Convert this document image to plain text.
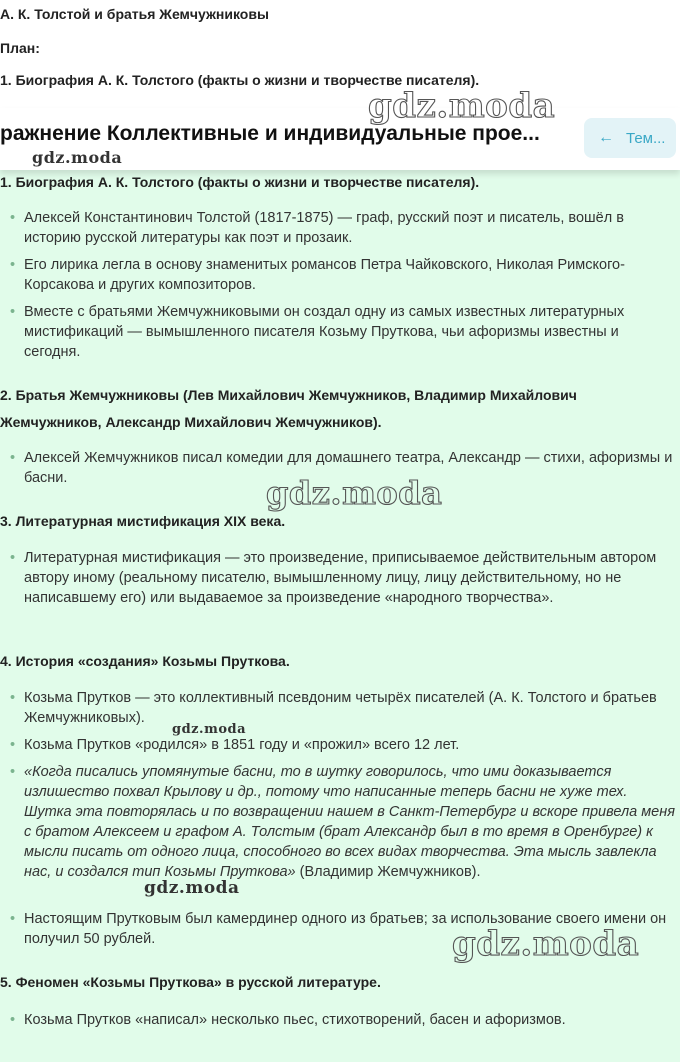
А. К. Толстой и братья Жемчужниковы
План:
1. Биография А. К. Толстого (факты о жизни и творчестве писателя).
ражнение Коллективные и индивидуальные прое...	← Тем...
1. Биография А. К. Толстого (факты о жизни и творчестве писателя).
• Алексей Константинович Толстой (1817-1875) — граф, русский поэт и писатель, вошёл в историю русской литературы как поэт и прозаик.
• Его лирика легла в основу знаменитых романсов Петра Чайковского, Николая Римского-Корсакова и других композиторов.
• Вместе с братьями Жемчужниковыми он создал одну из самых известных литературных мистификаций — вымышленного писателя Козьму Пруткова, чьи афоризмы известны и сегодня.
2. Братья Жемчужниковы (Лев Михайлович Жемчужников, Владимир Михайлович Жемчужников, Александр Михайлович Жемчужников).
• Алексей Жемчужников писал комедии для домашнего театра, Александр — стихи, афоризмы и басни.
3. Литературная мистификация XIX века.
• Литературная мистификация — это произведение, приписываемое действительным автором автору иному (реальному писателю, вымышленному лицу, лицу действительному, но не написавшему его) или выдаваемое за произведение «народного творчества».
4. История «создания» Козьмы Пруткова.
• Козьма Прутков — это коллективный псевдоним четырёх писателей (А. К. Толстого и братьев Жемчужниковых).
• Козьма Прутков «родился» в 1851 году и «прожил» всего 12 лет.
• «Когда писались упомянутые басни, то в шутку говорилось, что ими доказывается излишество похвал Крылову и др., потому что написанные теперь басни не хуже тех. Шутка эта повторялась и по возвращении нашем в Санкт-Петербург и вскоре привела меня с братом Алексеем и графом А. Толстым (брат Александр был в то время в Оренбурге) к мысли писать от одного лица, способного во всех видах творчества. Эта мысль завлекла нас, и создался тип Козьмы Пруткова» (Владимир Жемчужников).
• Настоящим Прутковым был камердинер одного из братьев; за использование своего имени он получил 50 рублей.
5. Феномен «Козьмы Пруткова» в русской литературе.
• Козьма Прутков «написал» несколько пьес, стихотворений, басен и афоризмов.
gdz.moda
gdz.moda
gdz.moda
gdz.moda
gdz.moda
gdz.moda
